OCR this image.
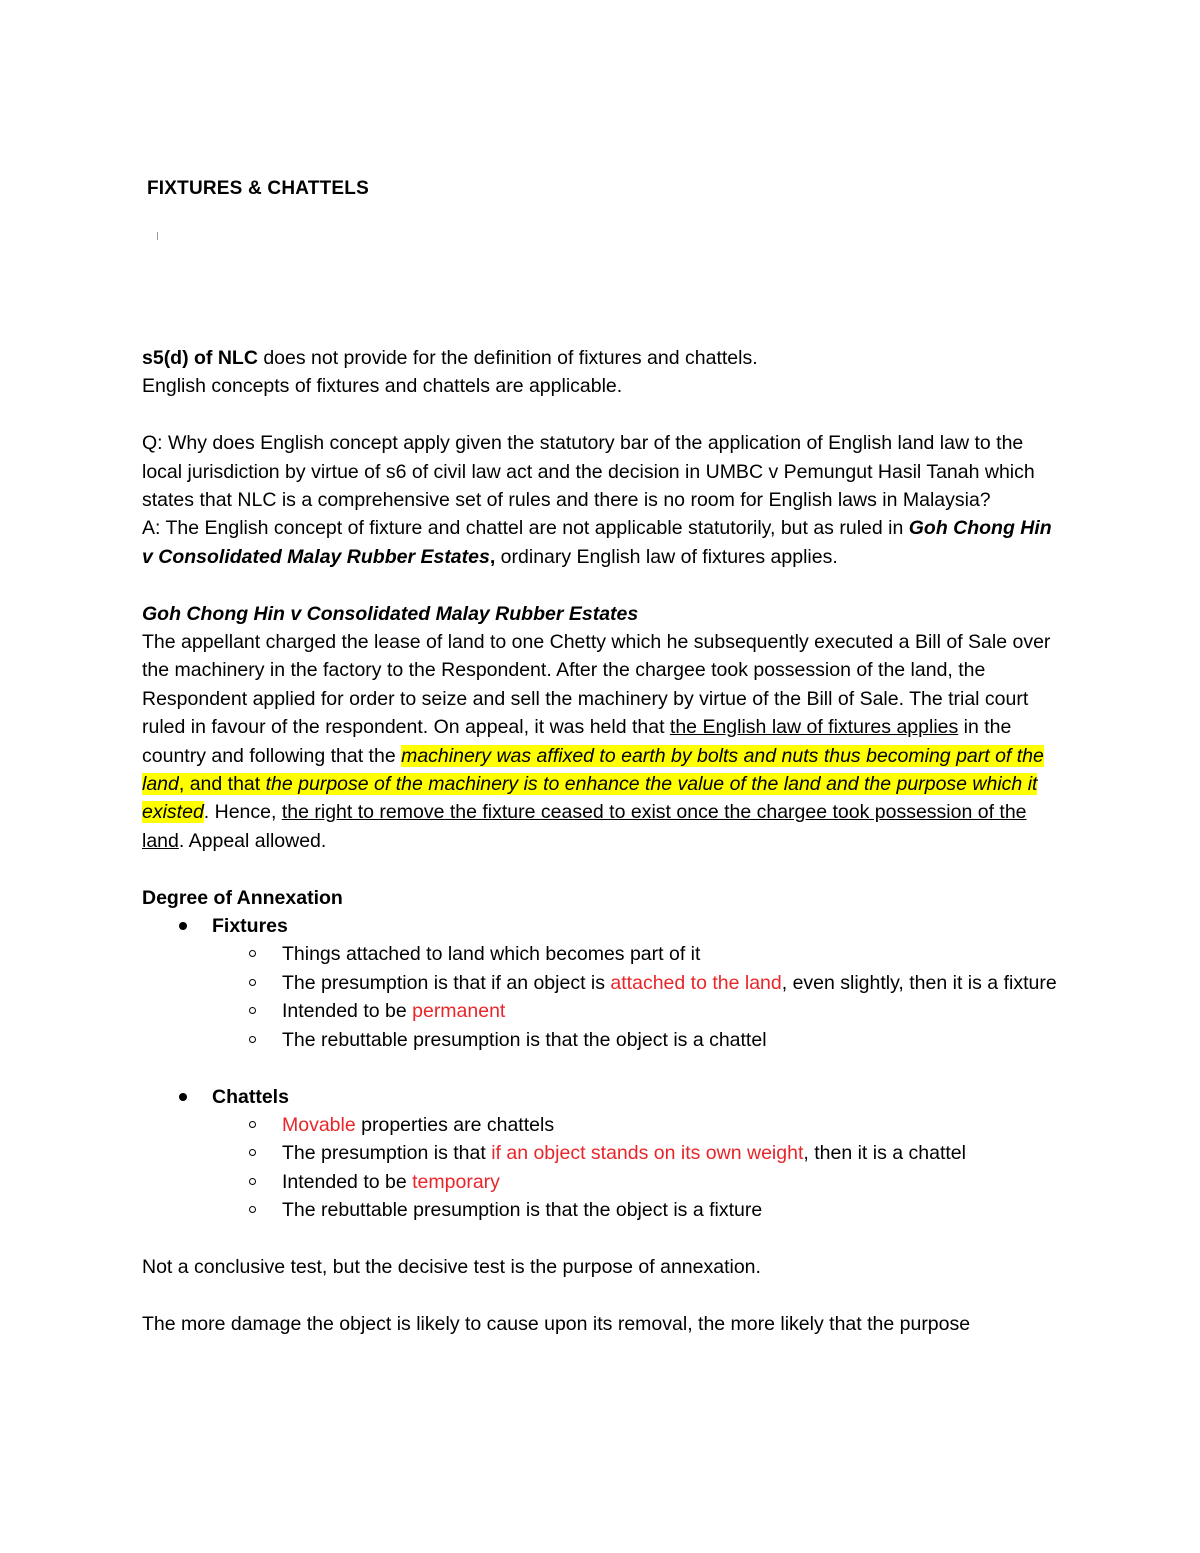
FIXTURES & CHATTELS

s5(d) of NLC does not provide for the definition of fixtures and chattels.

English concepts of fixtures and chattels are applicable.

Q: Why does English concept apply given the statutory bar of the application of English land law to the local jurisdiction by virtue of s6 of civil law act and the decision in UMBC v Pemungut Hasil Tanah which states that NLC is a comprehensive set of rules and there is no room for English laws in Malaysia?

A: The English concept of fixture and chattel are not applicable statutorily, but as ruled in Goh Chong Hin v Consolidated Malay Rubber Estates, ordinary English law of fixtures applies.

Goh Chong Hin v Consolidated Malay Rubber Estates

The appellant charged the lease of land to one Chetty which he subsequently executed a Bill of Sale over the machinery in the factory to the Respondent. After the chargee took possession of the land, the Respondent applied for order to seize and sell the machinery by virtue of the Bill of Sale. The trial court ruled in favour of the respondent. On appeal, it was held that the English law of fixtures applies in the country and following that the machinery was affixed to earth by bolts and nuts thus becoming part of the land, and that the purpose of the machinery is to enhance the value of the land and the purpose which it existed. Hence, the right to remove the fixture ceased to exist once the chargee took possession of the land. Appeal allowed.

Degree of Annexation

Fixtures
Things attached to land which becomes part of it
The presumption is that if an object is attached to the land, even slightly, then it is a fixture
Intended to be permanent
The rebuttable presumption is that the object is a chattel
Chattels
Movable properties are chattels
The presumption is that if an object stands on its own weight, then it is a chattel
Intended to be temporary
The rebuttable presumption is that the object is a fixture

Not a conclusive test, but the decisive test is the purpose of annexation.

The more damage the object is likely to cause upon its removal, the more likely that the purpose
